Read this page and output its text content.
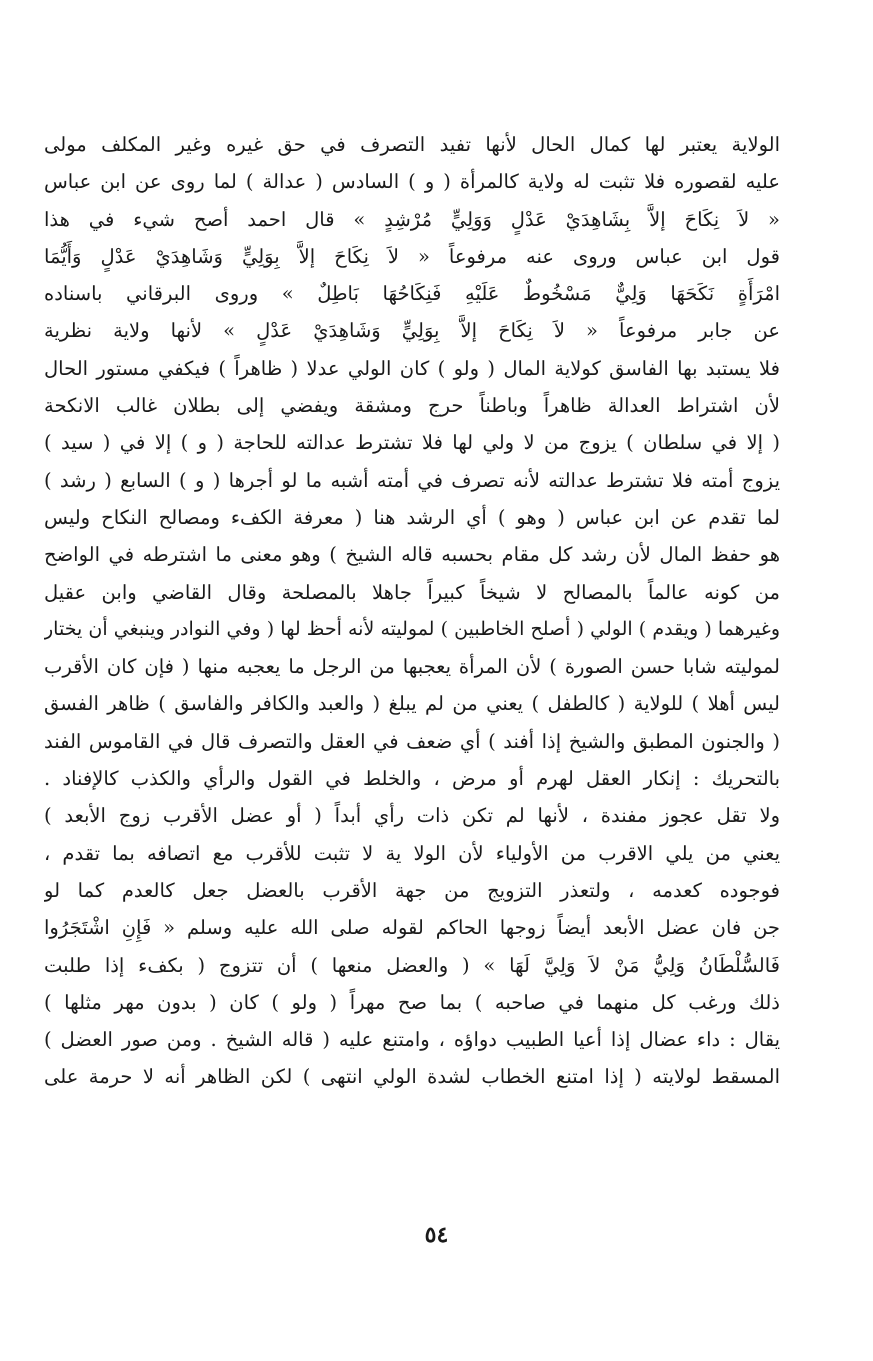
الولاية يعتبر لها كمال الحال لأنها تفيد التصرف في حق غيره وغير المكلف مولى
عليه لقصوره فلا تثبت له ولاية كالمرأة ( و ) السادس ( عدالة ) لما روى عن ابن عباس
« لاَ نِكَاحَ إلاَّ بِشَاهِدَيْ عَدْلٍ وَوَلِيٍّ مُرْشِدٍ » قال احمد أصح شيء في هذا
قول ابن عباس وروى عنه مرفوعاً « لاَ نِكَاحَ إلاَّ بِوَلِيٍّ وَشَاهِدَيْ عَدْلٍ وَأَيُّمَا
امْرَأَةٍ نَكَحَهَا وَلِيٌّ مَسْخُوطٌ عَلَيْهِ فَنِكَاحُهَا بَاطِلٌ » وروى البرقاني باسناده
عن جابر مرفوعاً « لاَ نِكَاحَ إلاَّ بِوَلِيٍّ وَشَاهِدَيْ عَدْلٍ » لأنها ولاية نظرية
فلا يستبد بها الفاسق كولاية المال ( ولو ) كان الولي عدلا ( ظاهراً ) فيكفي مستور الحال
لأن اشتراط العدالة ظاهراً وباطناً حرج ومشقة ويفضي إلى بطلان غالب الانكحة
( إلا في سلطان ) يزوج من لا ولي لها فلا تشترط عدالته للحاجة ( و ) إلا في ( سيد )
يزوج أمته فلا تشترط عدالته لأنه تصرف في أمته أشبه ما لو أجرها ( و ) السابع ( رشد )
لما تقدم عن ابن عباس ( وهو ) أي الرشد هنا ( معرفة الكفء ومصالح النكاح وليس
هو حفظ المال لأن رشد كل مقام بحسبه قاله الشيخ ) وهو معنى ما اشترطه في الواضح
من كونه عالماً بالمصالح لا شيخاً كبيراً جاهلا بالمصلحة وقال القاضي وابن عقيل
وغيرهما ( ويقدم ) الولي ( أصلح الخاطبين ) لموليته لأنه أحظ لها ( وفي النوادر وينبغي أن يختار
لموليته شابا حسن الصورة ) لأن المرأة يعجبها من الرجل ما يعجبه منها ( فإن كان الأقرب
ليس أهلا ) للولاية ( كالطفل ) يعني من لم يبلغ ( والعبد والكافر والفاسق ) ظاهر الفسق
( والجنون المطبق والشيخ إذا أفند ) أي ضعف في العقل والتصرف قال في القاموس الفند
بالتحريك : إنكار العقل لهرم أو مرض ، والخلط في القول والرأي والكذب كالإفناد .
ولا تقل عجوز مفندة ، لأنها لم تكن ذات رأي أبداً ( أو عضل الأقرب زوج الأبعد )
يعني من يلي الاقرب من الأولياء لأن الولا ية لا تثبت للأقرب مع اتصافه بما تقدم ،
فوجوده كعدمه ، ولتعذر التزويج من جهة الأقرب بالعضل جعل كالعدم كما لو
جن فان عضل الأبعد أيضاً زوجها الحاكم لقوله صلى الله عليه وسلم « فَإِنِ اشْتَجَرُوا
فَالسُّلْطَانُ وَلِيُّ مَنْ لاَ وَلِيَّ لَهَا » ( والعضل منعها ) أن تتزوج ( بكفء إذا طلبت
ذلك ورغب كل منهما في صاحبه ) بما صح مهراً ( ولو ) كان ( بدون مهر مثلها )
يقال : داء عضال إذا أعيا الطبيب دواؤه ، وامتنع عليه ( قاله الشيخ . ومن صور العضل )
المسقط لولايته ( إذا امتنع الخطاب لشدة الولي انتهى ) لكن الظاهر أنه لا حرمة على
٥٤
